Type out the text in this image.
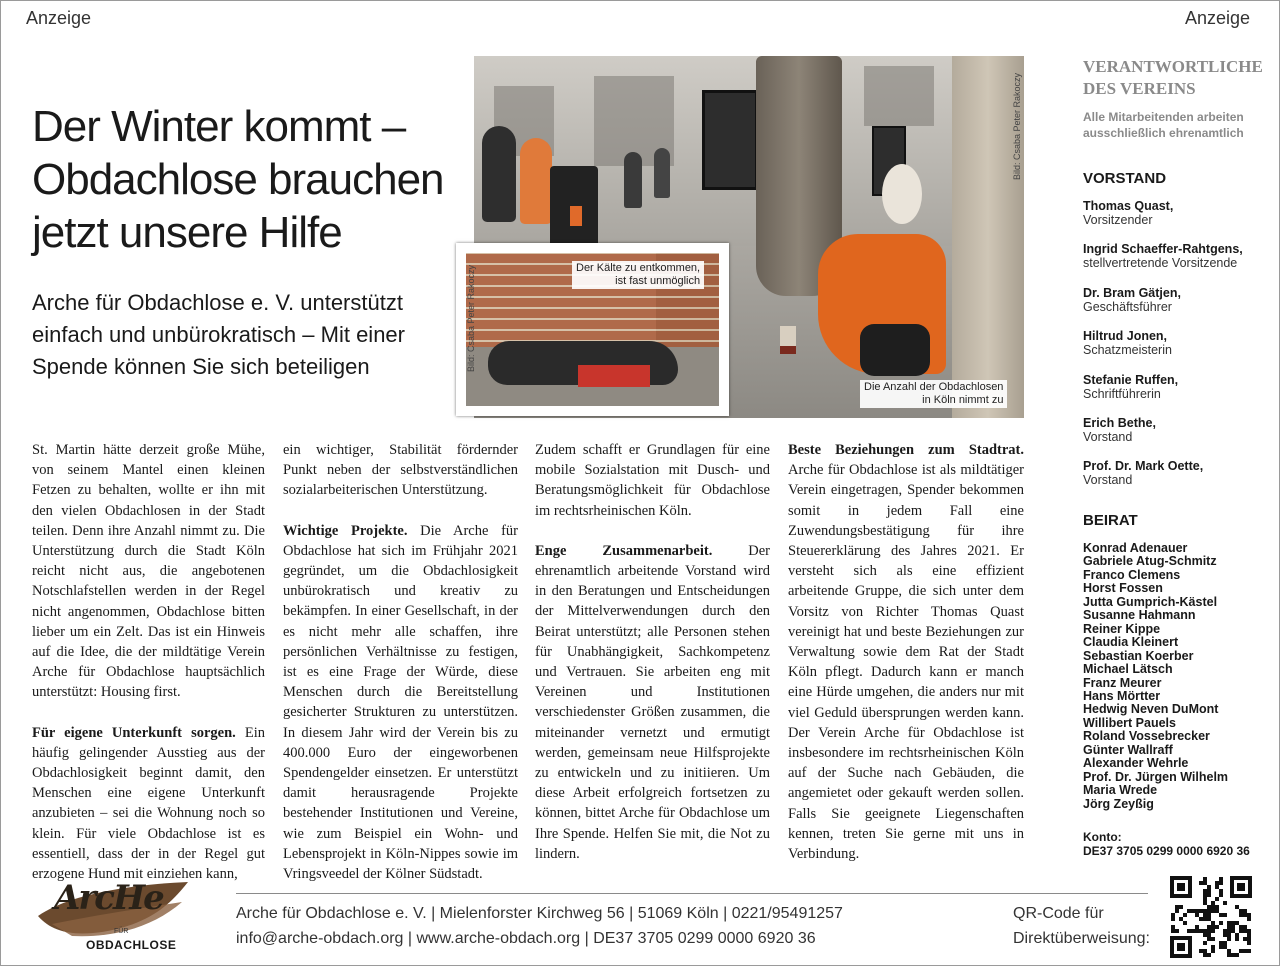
Anzeige	Anzeige
Der Winter kommt – Obdachlose brauchen jetzt unsere Hilfe
Arche für Obdachlose e. V. unterstützt einfach und unbürokratisch – Mit einer Spende können Sie sich beteiligen
Bild: Csaba Peter Rakoczy
Bild: Csaba Peter Rakoczy	Der Kälte zu entkommen,
ist fast unmöglich
Die Anzahl der Obdachlosen
in Köln nimmt zu

St. Martin hätte derzeit große Mühe, von seinem Mantel einen kleinen Fetzen zu behalten, wollte er ihn mit den vielen Obdachlosen in der Stadt teilen. Denn ihre Anzahl nimmt zu. Die Unterstützung durch die Stadt Köln reicht nicht aus, die angebotenen Notschlafstellen werden in der Regel nicht angenommen, Obdachlose bitten lieber um ein Zelt. Das ist ein Hinweis auf die Idee, die der mildtätige Verein Arche für Obdachlose hauptsächlich unterstützt: Housing first.

Für eigene Unterkunft sorgen. Ein häufig gelingender Ausstieg aus der Obdachlosigkeit beginnt damit, den Menschen eine eigene Unterkunft anzubieten – sei die Wohnung noch so klein. Für viele Obdachlose ist es essentiell, dass der in der Regel gut erzogene Hund mit einziehen kann,

ein wichtiger, Stabilität fördernder Punkt neben der selbstverständlichen sozialarbeiterischen Unterstützung.

Wichtige Projekte. Die Arche für Obdachlose hat sich im Frühjahr 2021 gegründet, um die Obdachlosigkeit unbürokratisch und kreativ zu bekämpfen. In einer Gesellschaft, in der es nicht mehr alle schaffen, ihre persönlichen Verhältnisse zu festigen, ist es eine Frage der Würde, diese Menschen durch die Bereitstellung gesicherter Strukturen zu unterstützen. In diesem Jahr wird der Verein bis zu 400.000 Euro der eingeworbenen Spendengelder einsetzen. Er unterstützt damit herausragende Projekte bestehender Institutionen und Vereine, wie zum Beispiel ein Wohn- und Lebensprojekt in Köln-Nippes sowie im Vringsveedel der Kölner Südstadt.

Zudem schafft er Grundlagen für eine mobile Sozialstation mit Dusch- und Beratungsmöglichkeit für Obdachlose im rechtsrheinischen Köln.

Enge Zusammenarbeit. Der ehrenamtlich arbeitende Vorstand wird in den Beratungen und Entscheidungen der Mittelverwendungen durch den Beirat unterstützt; alle Personen stehen für Unabhängigkeit, Sachkompetenz und Vertrauen. Sie arbeiten eng mit Vereinen und Institutionen verschiedenster Größen zusammen, die miteinander vernetzt und ermutigt werden, gemeinsam neue Hilfsprojekte zu entwickeln und zu initiieren. Um diese Arbeit erfolgreich fortsetzen zu können, bittet Arche für Obdachlose um Ihre Spende. Helfen Sie mit, die Not zu lindern.

Beste Beziehungen zum Stadtrat. Arche für Obdachlose ist als mildtätiger Verein eingetragen, Spender bekommen somit in jedem Fall eine Zuwendungsbestätigung für ihre Steuererklärung des Jahres 2021. Er versteht sich als eine effizient arbeitende Gruppe, die sich unter dem Vorsitz von Richter Thomas Quast vereinigt hat und beste Beziehungen zur Verwaltung sowie dem Rat der Stadt Köln pflegt. Dadurch kann er manch eine Hürde umgehen, die anders nur mit viel Geduld übersprungen werden kann. Der Verein Arche für Obdachlose ist insbesondere im rechtsrheinischen Köln auf der Suche nach Gebäuden, die angemietet oder gekauft werden sollen. Falls Sie geeignete Liegenschaften kennen, treten Sie gerne mit uns in Verbindung.

VERANTWORTLICHE DES VEREINS
Alle Mitarbeitenden arbeiten ausschließlich ehrenamtlich
VORSTAND
Thomas Quast,
Vorsitzender
Ingrid Schaeffer-Rahtgens,
stellvertretende Vorsitzende
Dr. Bram Gätjen,
Geschäftsführer
Hiltrud Jonen,
Schatzmeisterin
Stefanie Ruffen,
Schriftführerin
Erich Bethe,
Vorstand
Prof. Dr. Mark Oette,
Vorstand
BEIRAT
Konrad Adenauer
Gabriele Atug-Schmitz
Franco Clemens
Horst Fossen
Jutta Gumprich-Kästel
Susanne Hahmann
Reiner Kippe
Claudia Kleinert
Sebastian Koerber
Michael Lätsch
Franz Meurer
Hans Mörtter
Hedwig Neven DuMont
Willibert Pauels
Roland Vossebrecker
Günter Wallraff
Alexander Wehrle
Prof. Dr. Jürgen Wilhelm
Maria Wrede
Jörg Zeyßig
Konto:
DE37 3705 0299 0000 6920 36
ArcHe
FÜR
OBDACHLOSE
Arche für Obdachlose e. V. | Mielenforster Kirchweg 56 | 51069 Köln | 0221/95491257
info@arche-obdach.org | www.arche-obdach.org | DE37 3705 0299 0000 6920 36
QR-Code für
Direktüberweisung:
